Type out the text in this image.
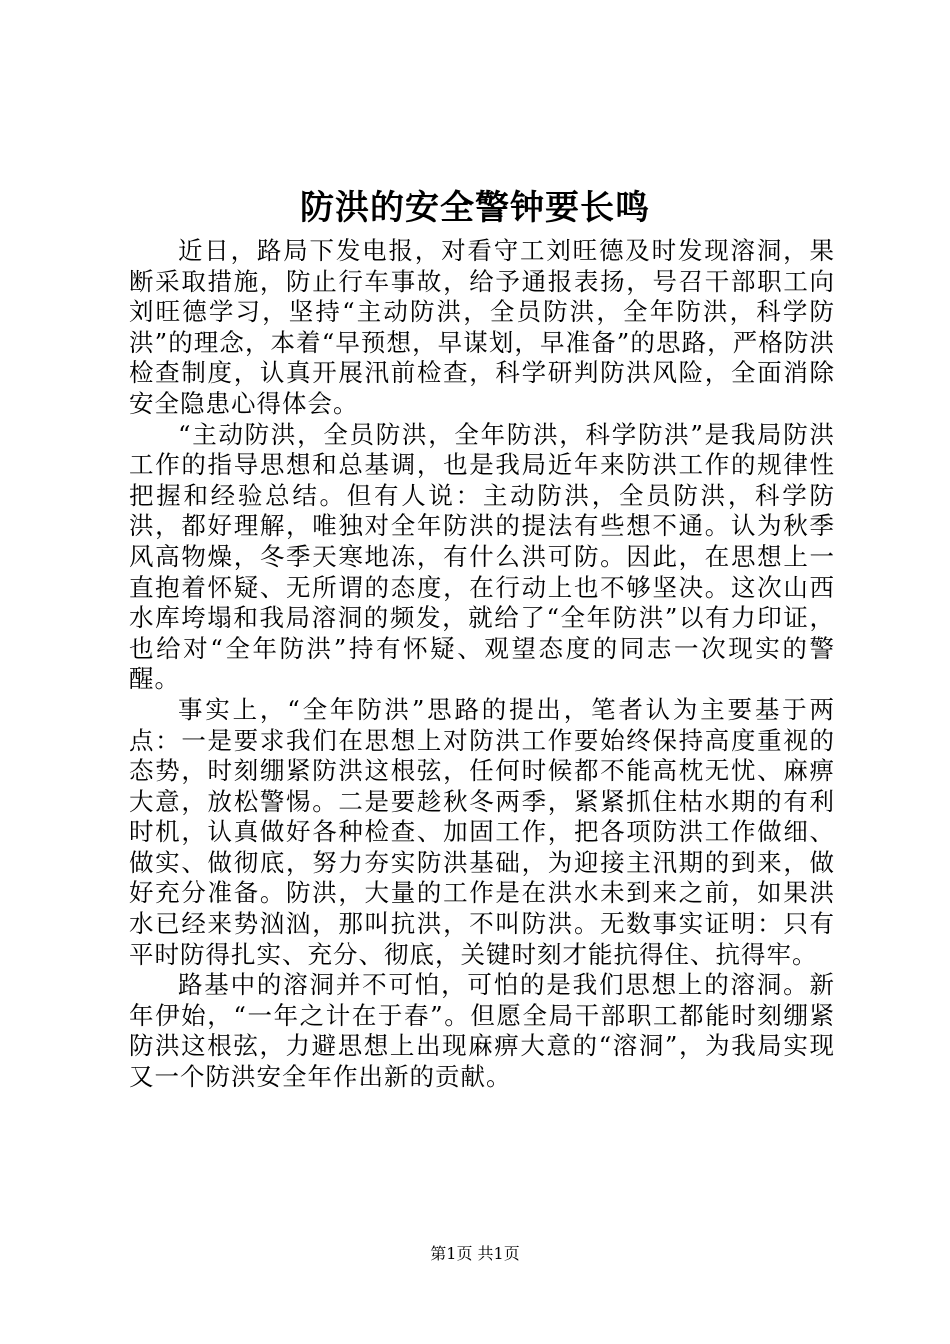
防洪的安全警钟要长鸣

近日，路局下发电报，对看守工刘旺德及时发现溶洞，果断采取措施，防止行车事故，给予通报表扬，号召干部职工向刘旺德学习，坚持“主动防洪，全员防洪，全年防洪，科学防洪”的理念，本着“早预想，早谋划，早准备”的思路，严格防洪检查制度，认真开展汛前检查，科学研判防洪风险，全面消除安全隐患心得体会。

“主动防洪，全员防洪，全年防洪，科学防洪”是我局防洪工作的指导思想和总基调，也是我局近年来防洪工作的规律性把握和经验总结。但有人说：主动防洪，全员防洪，科学防洪，都好理解，唯独对全年防洪的提法有些想不通。认为秋季风高物燥，冬季天寒地冻，有什么洪可防。因此，在思想上一直抱着怀疑、无所谓的态度，在行动上也不够坚决。这次山西水库垮塌和我局溶洞的频发，就给了“全年防洪”以有力印证，也给对“全年防洪”持有怀疑、观望态度的同志一次现实的警醒。

事实上，“全年防洪”思路的提出，笔者认为主要基于两点：一是要求我们在思想上对防洪工作要始终保持高度重视的态势，时刻绷紧防洪这根弦，任何时候都不能高枕无忧、麻痹大意，放松警惕。二是要趁秋冬两季，紧紧抓住枯水期的有利时机，认真做好各种检查、加固工作，把各项防洪工作做细、做实、做彻底，努力夯实防洪基础，为迎接主汛期的到来，做好充分准备。防洪，大量的工作是在洪水未到来之前，如果洪水已经来势汹汹，那叫抗洪，不叫防洪。无数事实证明：只有平时防得扎实、充分、彻底，关键时刻才能抗得住、抗得牢。

路基中的溶洞并不可怕，可怕的是我们思想上的溶洞。新年伊始，“一年之计在于春”。但愿全局干部职工都能时刻绷紧防洪这根弦，力避思想上出现麻痹大意的“溶洞”，为我局实现又一个防洪安全年作出新的贡献。

第1页 共1页
